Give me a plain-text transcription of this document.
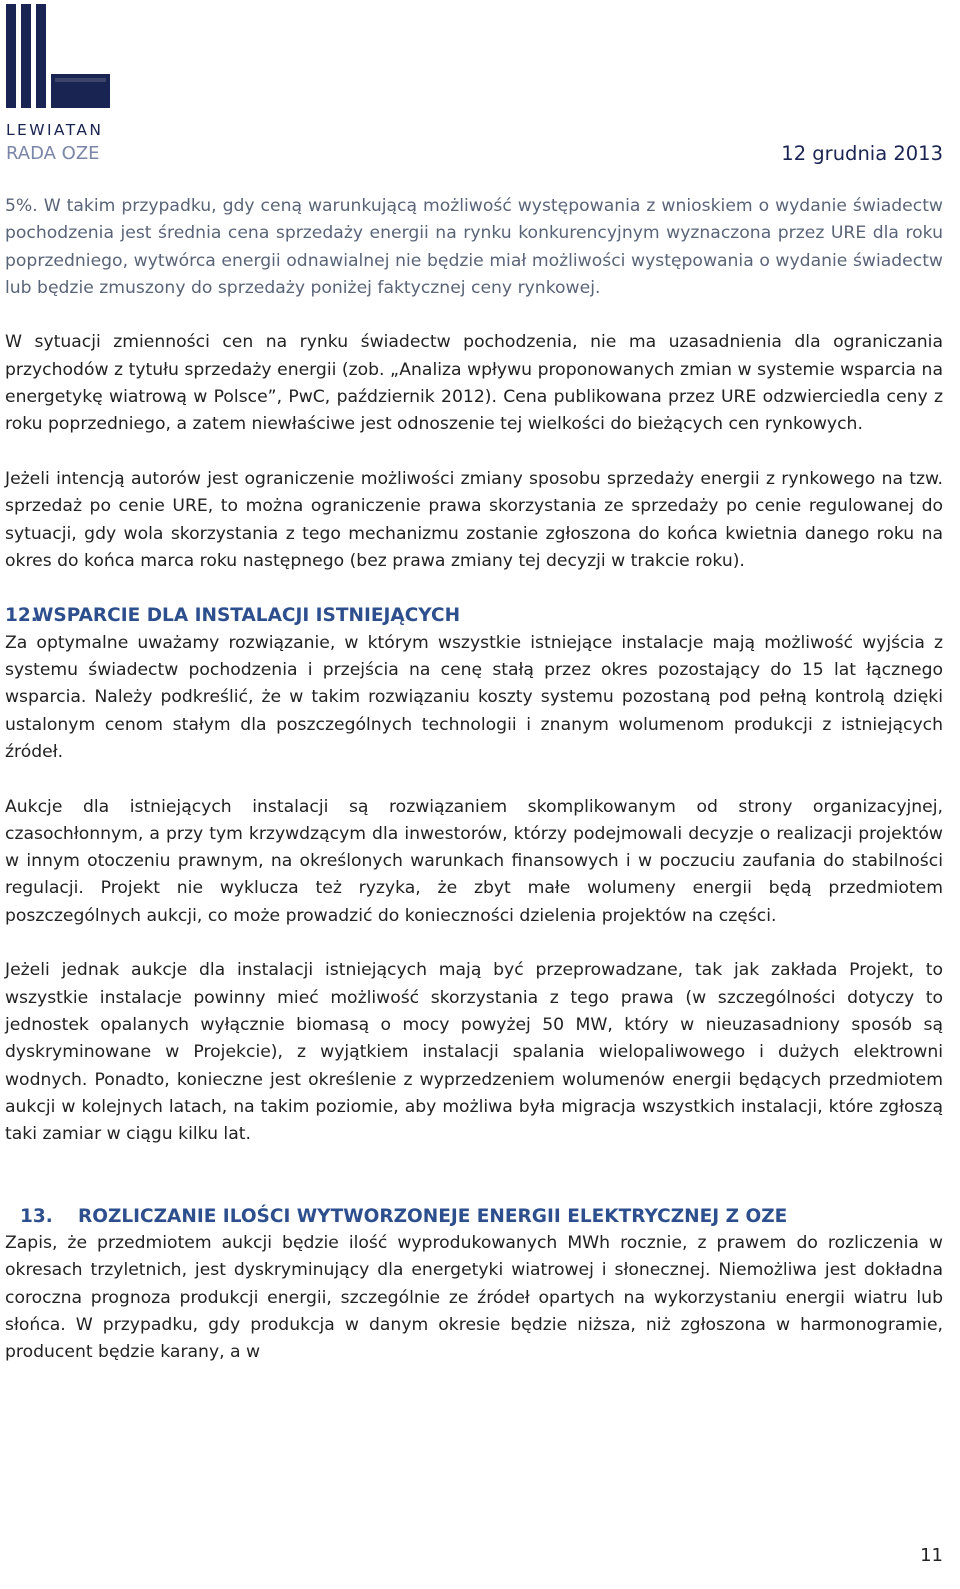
LEWIATAN
RADA OZE	12 grudnia 2013

5%. W takim przypadku, gdy ceną warunkującą możliwość występowania z wnioskiem o wydanie świadectw pochodzenia jest średnia cena sprzedaży energii na rynku konkurencyjnym wyznaczona przez URE dla roku poprzedniego, wytwórca energii odnawialnej nie będzie miał możliwości występowania o wydanie świadectw lub będzie zmuszony do sprzedaży poniżej faktycznej ceny rynkowej.

W sytuacji zmienności cen na rynku świadectw pochodzenia, nie ma uzasadnienia dla ograniczania przychodów z tytułu sprzedaży energii (zob. „Analiza wpływu proponowanych zmian w systemie wsparcia na energetykę wiatrową w Polsce”, PwC, październik 2012). Cena publikowana przez URE odzwierciedla ceny z roku poprzedniego, a zatem niewłaściwe jest odnoszenie tej wielkości do bieżących cen rynkowych.

Jeżeli intencją autorów jest ograniczenie możliwości zmiany sposobu sprzedaży energii z rynkowego na tzw. sprzedaż po cenie URE, to można ograniczenie prawa skorzystania ze sprzedaży po cenie regulowanej do sytuacji, gdy wola skorzystania z tego mechanizmu zostanie zgłoszona do końca kwietnia danego roku na okres do końca marca roku następnego (bez prawa zmiany tej decyzji w trakcie roku).

12.WSPARCIE DLA INSTALACJI ISTNIEJĄCYCH

Za optymalne uważamy rozwiązanie, w którym wszystkie istniejące instalacje mają możliwość wyjścia z systemu świadectw pochodzenia i przejścia na cenę stałą przez okres pozostający do 15 lat łącznego wsparcia. Należy podkreślić, że w takim rozwiązaniu koszty systemu pozostaną pod pełną kontrolą dzięki ustalonym cenom stałym dla poszczególnych technologii i znanym wolumenom produkcji z istniejących źródeł.

Aukcje dla istniejących instalacji są rozwiązaniem skomplikowanym od strony organizacyjnej, czasochłonnym, a przy tym krzywdzącym dla inwestorów, którzy podejmowali decyzje o realizacji projektów w innym otoczeniu prawnym, na określonych warunkach finansowych i w poczuciu zaufania do stabilności regulacji. Projekt nie wyklucza też ryzyka, że zbyt małe wolumeny energii będą przedmiotem poszczególnych aukcji, co może prowadzić do konieczności dzielenia projektów na części.

Jeżeli jednak aukcje dla instalacji istniejących mają być przeprowadzane, tak jak zakłada Projekt, to wszystkie instalacje powinny mieć możliwość skorzystania z tego prawa (w szczególności dotyczy to jednostek opalanych wyłącznie biomasą o mocy powyżej 50 MW, który w nieuzasadniony sposób są dyskryminowane w Projekcie), z wyjątkiem instalacji spalania wielopaliwowego i dużych elektrowni wodnych. Ponadto, konieczne jest określenie z wyprzedzeniem wolumenów energii będących przedmiotem aukcji w kolejnych latach, na takim poziomie, aby możliwa była migracja wszystkich instalacji, które zgłoszą taki zamiar w ciągu kilku lat.

13. ROZLICZANIE ILOŚCI WYTWORZONEJE ENERGII ELEKTRYCZNEJ Z OZE

Zapis, że przedmiotem aukcji będzie ilość wyprodukowanych MWh rocznie, z prawem do rozliczenia w okresach trzyletnich, jest dyskryminujący dla energetyki wiatrowej i słonecznej. Niemożliwa jest dokładna coroczna prognoza produkcji energii, szczególnie ze źródeł opartych na wykorzystaniu energii wiatru lub słońca. W przypadku, gdy produkcja w danym okresie będzie niższa, niż zgłoszona w harmonogramie, producent będzie karany, a w

11
